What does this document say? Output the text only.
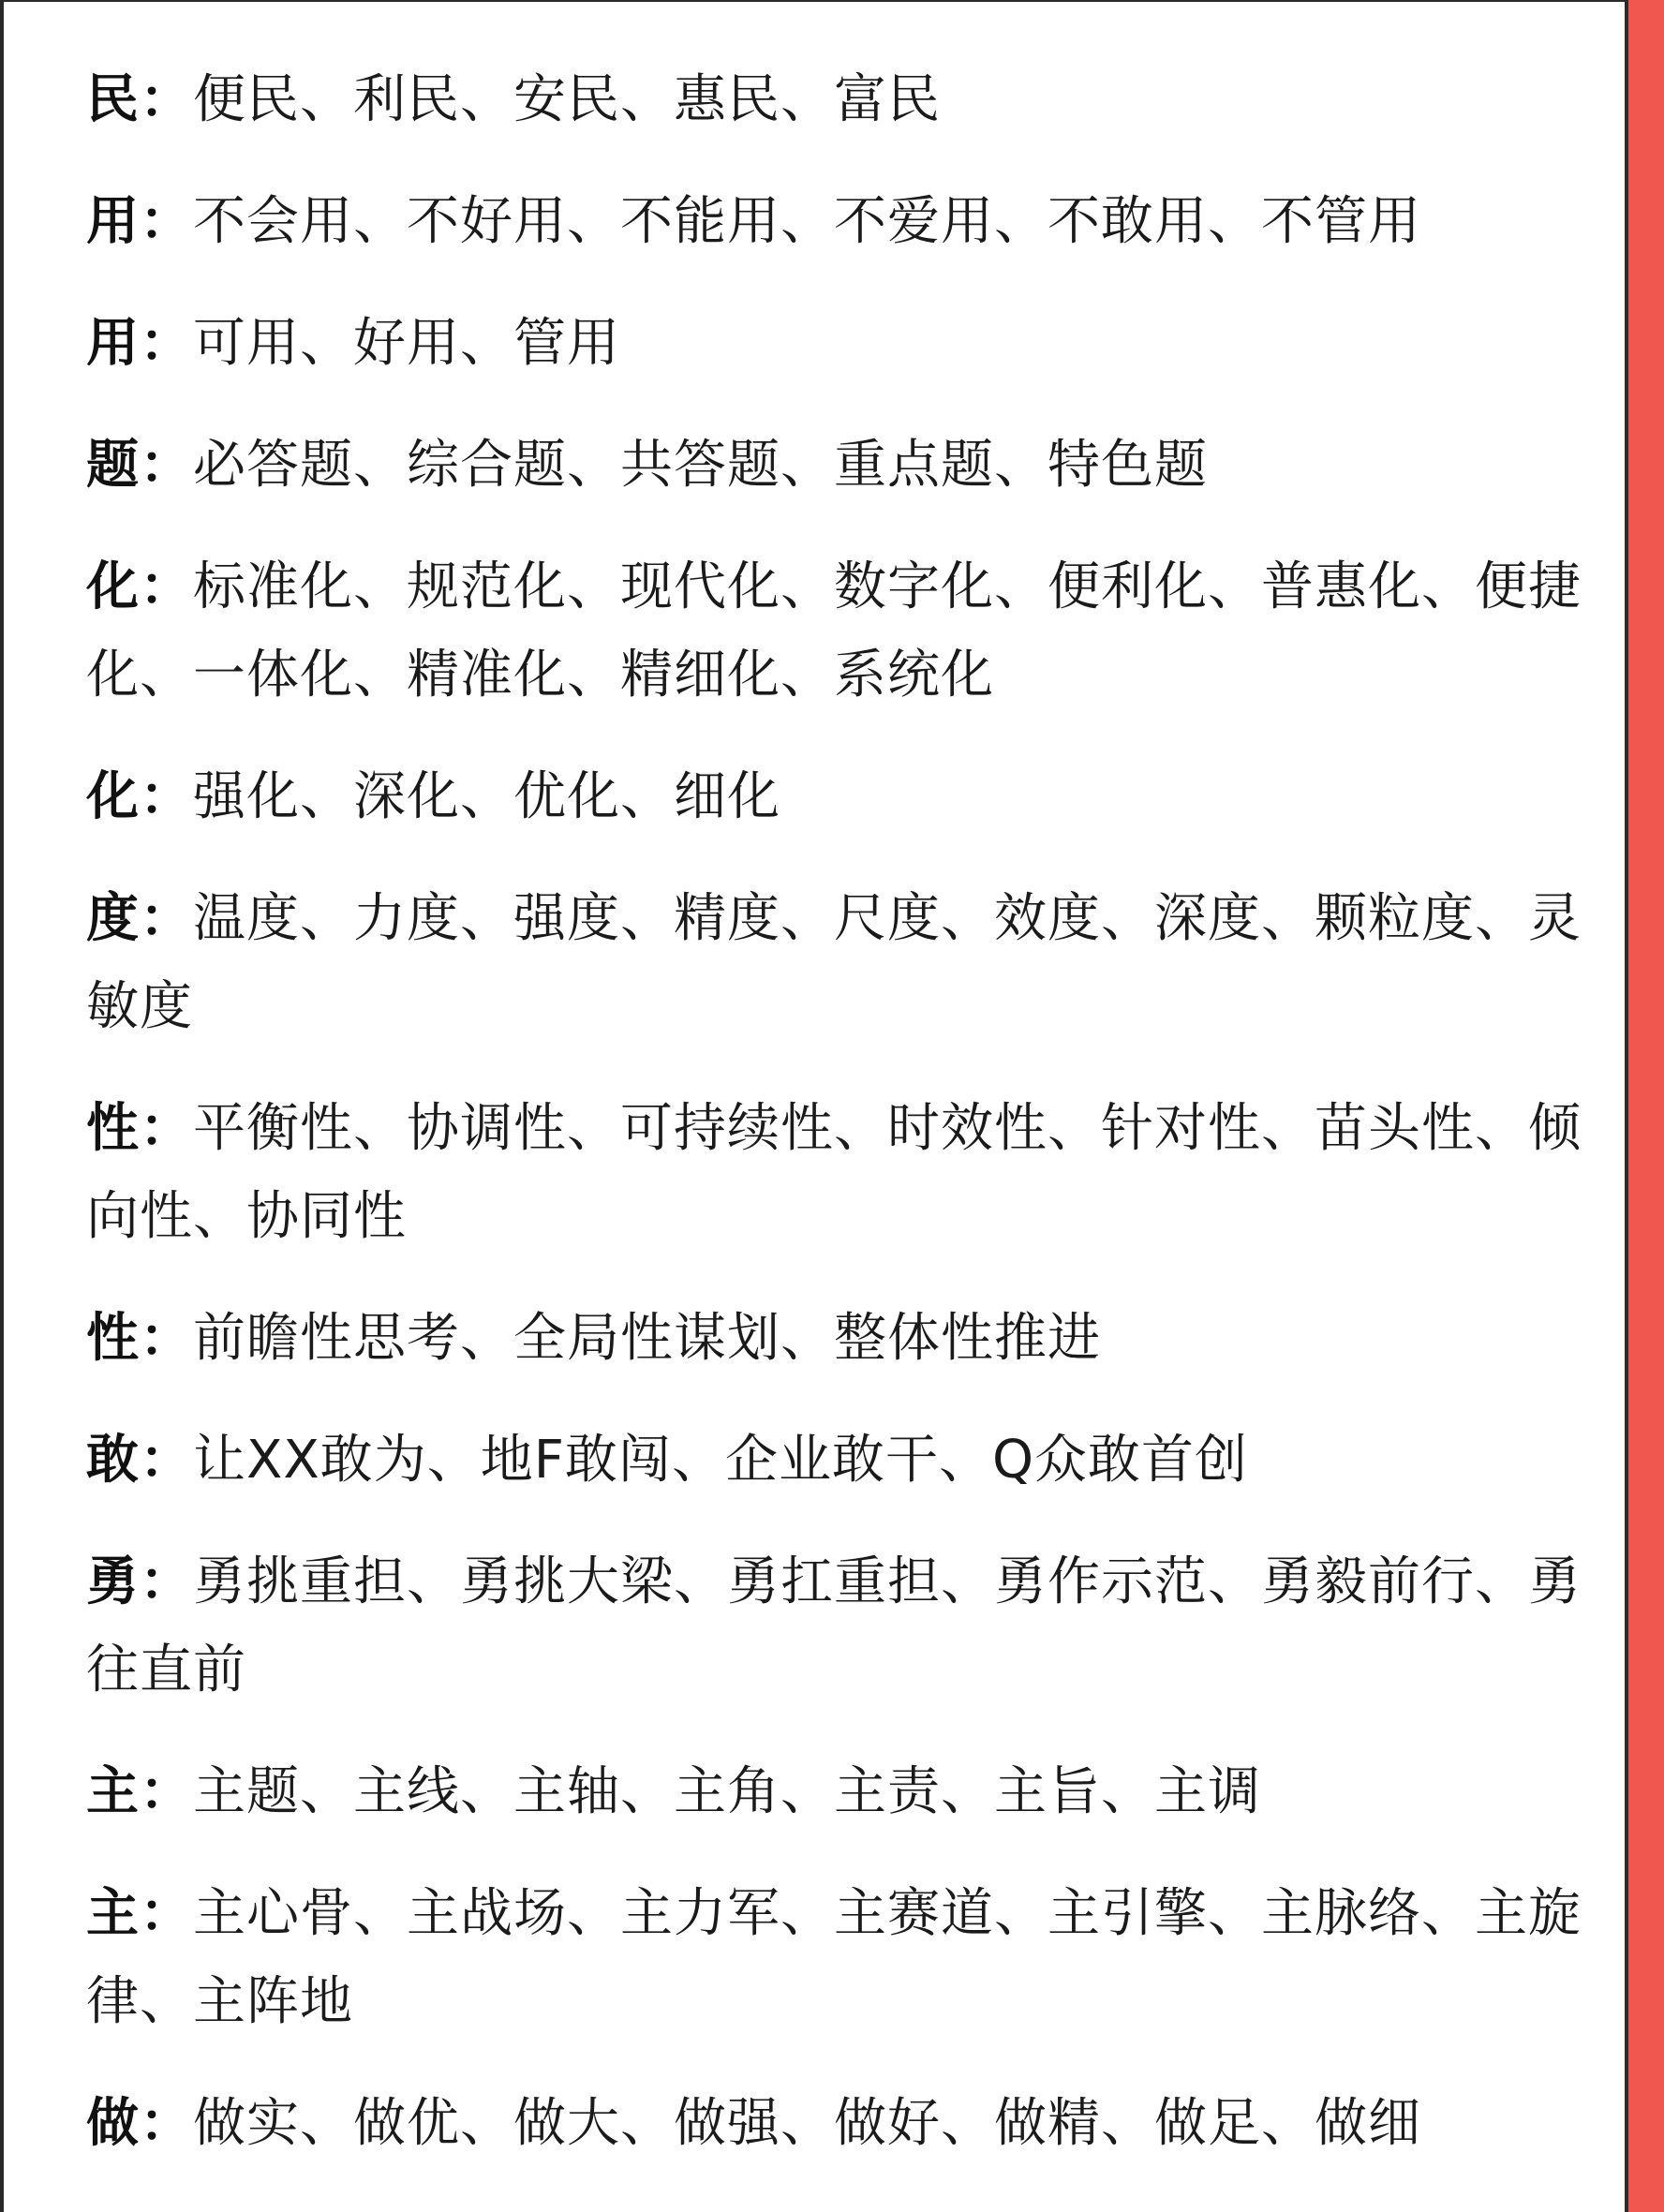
民：便民、利民、安民、惠民、富民
用：不会用、不好用、不能用、不爱用、不敢用、不管用
用：可用、好用、管用
题：必答题、综合题、共答题、重点题、特色题
化：标准化、规范化、现代化、数字化、便利化、普惠化、便捷化、一体化、精准化、精细化、系统化
化：强化、深化、优化、细化
度：温度、力度、强度、精度、尺度、效度、深度、颗粒度、灵敏度
性：平衡性、协调性、可持续性、时效性、针对性、苗头性、倾向性、协同性
性：前瞻性思考、全局性谋划、整体性推进
敢：让XX敢为、地F敢闯、企业敢干、Q众敢首创
勇：勇挑重担、勇挑大梁、勇扛重担、勇作示范、勇毅前行、勇往直前
主：主题、主线、主轴、主角、主责、主旨、主调
主：主心骨、主战场、主力军、主赛道、主引擎、主脉络、主旋律、主阵地
做：做实、做优、做大、做强、做好、做精、做足、做细
